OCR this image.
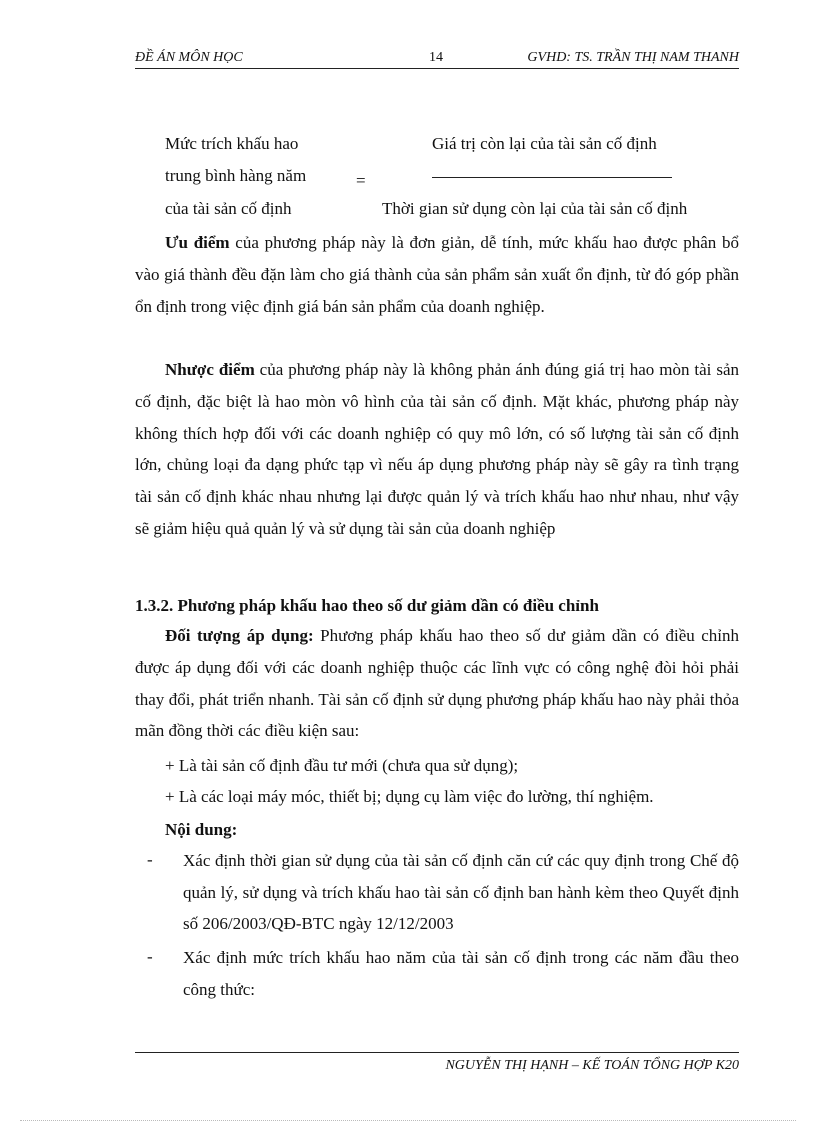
ĐỀ ÁN MÔN HỌC	14	GVHD: TS. TRẦN THỊ NAM THANH
Mức trích khấu hao
trung bình hàng năm
của tài sản cố định
=
Giá trị còn lại của tài sản cố định
Thời gian sử dụng còn lại của tài sản cố định
Ưu điểm của phương pháp này là đơn giản, dễ tính, mức khấu hao được phân bổ vào giá thành đều đặn làm cho giá thành của sản phẩm sản xuất ổn định, từ đó góp phần ổn định trong việc định giá bán sản phẩm của doanh nghiệp.
Nhược điểm của phương pháp này là không phản ánh đúng giá trị hao mòn tài sản cố định, đặc biệt là hao mòn vô hình của tài sản cố định. Mặt khác, phương pháp này không thích hợp đối với các doanh nghiệp có quy mô lớn, có số lượng tài sản cố định lớn, chủng loại đa dạng phức tạp vì nếu áp dụng phương pháp này sẽ gây ra tình trạng tài sản cố định khác nhau nhưng lại được quản lý và trích khấu hao như nhau, như vậy sẽ giảm hiệu quả quản lý và sử dụng tài sản của doanh nghiệp
1.3.2. Phương pháp khấu hao theo số dư giảm dần có điều chỉnh
Đối tượng áp dụng: Phương pháp khấu hao theo số dư giảm dần có điều chỉnh được áp dụng đối với các doanh nghiệp thuộc các lĩnh vực có công nghệ đòi hỏi phải thay đổi, phát triển nhanh. Tài sản cố định sử dụng phương pháp khấu hao này phải thỏa mãn đồng thời các điều kiện sau:
+ Là tài sản cố định đầu tư mới (chưa qua sử dụng);
+ Là các loại máy móc, thiết bị; dụng cụ làm việc đo lường, thí nghiệm.
Nội dung:
- Xác định thời gian sử dụng của tài sản cố định căn cứ các quy định trong Chế độ quản lý, sử dụng và trích khấu hao tài sản cố định ban hành kèm theo Quyết định số 206/2003/QĐ-BTC ngày 12/12/2003
- Xác định mức trích khấu hao năm của tài sản cố định trong các năm đầu theo công thức:
NGUYỄN THỊ HẠNH – KẾ TOÁN TỔNG HỢP K20
